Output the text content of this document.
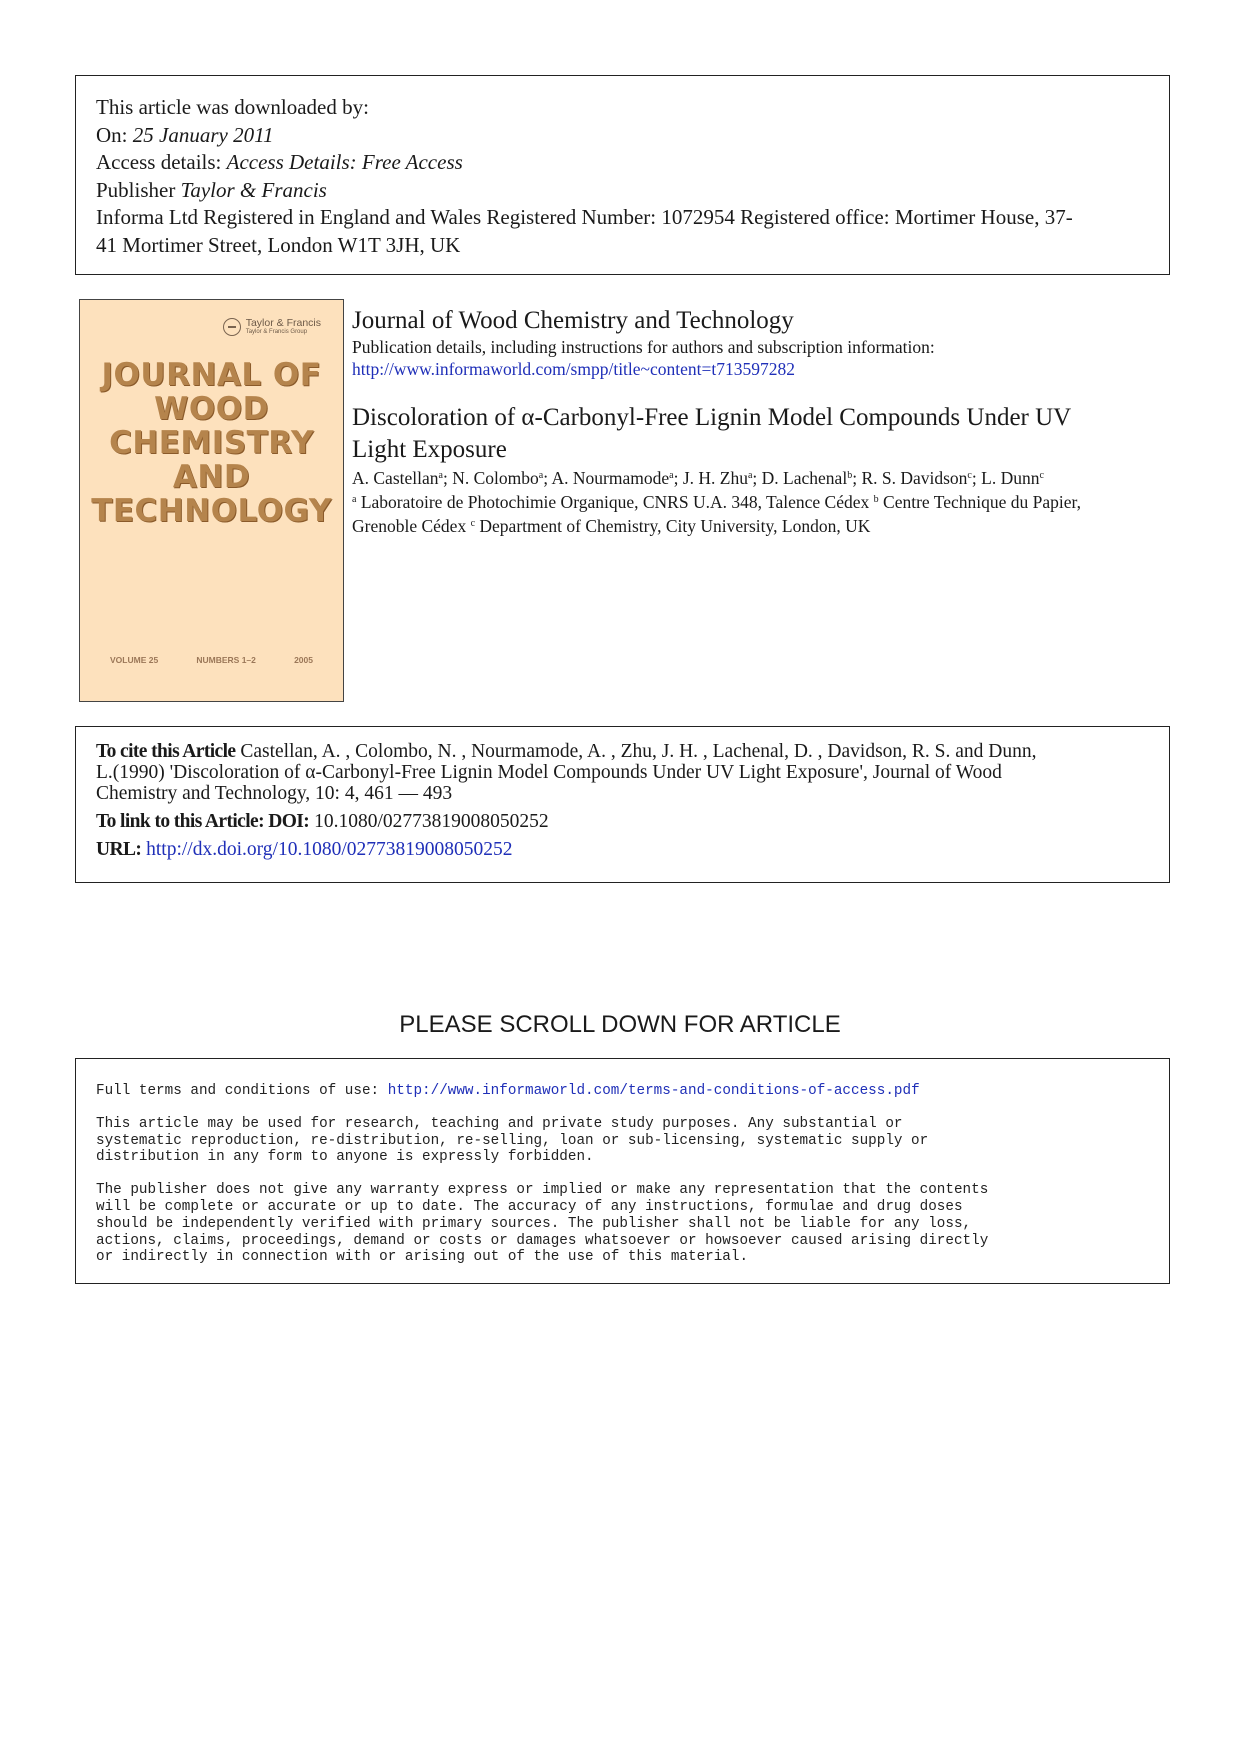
This article was downloaded by:
On: 25 January 2011
Access details: Access Details: Free Access
Publisher Taylor & Francis
Informa Ltd Registered in England and Wales Registered Number: 1072954 Registered office: Mortimer House, 37-
41 Mortimer Street, London W1T 3JH, UK
Taylor & Francis
Taylor & Francis Group
JOURNAL OF
WOOD
CHEMISTRY
AND
TECHNOLOGY
VOLUME 25	NUMBERS 1–2	2005
Journal of Wood Chemistry and Technology
Publication details, including instructions for authors and subscription information:
http://www.informaworld.com/smpp/title~content=t713597282
Discoloration of α-Carbonyl-Free Lignin Model Compounds Under UV
Light Exposure
A. Castellan$^a$; N. Colombo$^a$; A. Nourmamode$^a$; J. H. Zhu$^a$; D. Lachenal$^b$; R. S. Davidson$^c$; L. Dunn$^c$
$^a$ Laboratoire de Photochimie Organique, CNRS U.A. 348, Talence Cédex $^b$ Centre Technique du Papier,
Grenoble Cédex $^c$ Department of Chemistry, City University, London, UK

To cite this Article Castellan, A. , Colombo, N. , Nourmamode, A. , Zhu, J. H. , Lachenal, D. , Davidson, R. S. and Dunn,

L.(1990) 'Discoloration of α-Carbonyl-Free Lignin Model Compounds Under UV Light Exposure', Journal of Wood

Chemistry and Technology, 10: 4, 461 — 493

To link to this Article: DOI: 10.1080/02773819008050252

URL: http://dx.doi.org/10.1080/02773819008050252

PLEASE SCROLL DOWN FOR ARTICLE

Full terms and conditions of use: http://www.informaworld.com/terms-and-conditions-of-access.pdf

This article may be used for research, teaching and private study purposes. Any substantial or
systematic reproduction, re-distribution, re-selling, loan or sub-licensing, systematic supply or
distribution in any form to anyone is expressly forbidden.

The publisher does not give any warranty express or implied or make any representation that the contents
will be complete or accurate or up to date. The accuracy of any instructions, formulae and drug doses
should be independently verified with primary sources. The publisher shall not be liable for any loss,
actions, claims, proceedings, demand or costs or damages whatsoever or howsoever caused arising directly
or indirectly in connection with or arising out of the use of this material.
